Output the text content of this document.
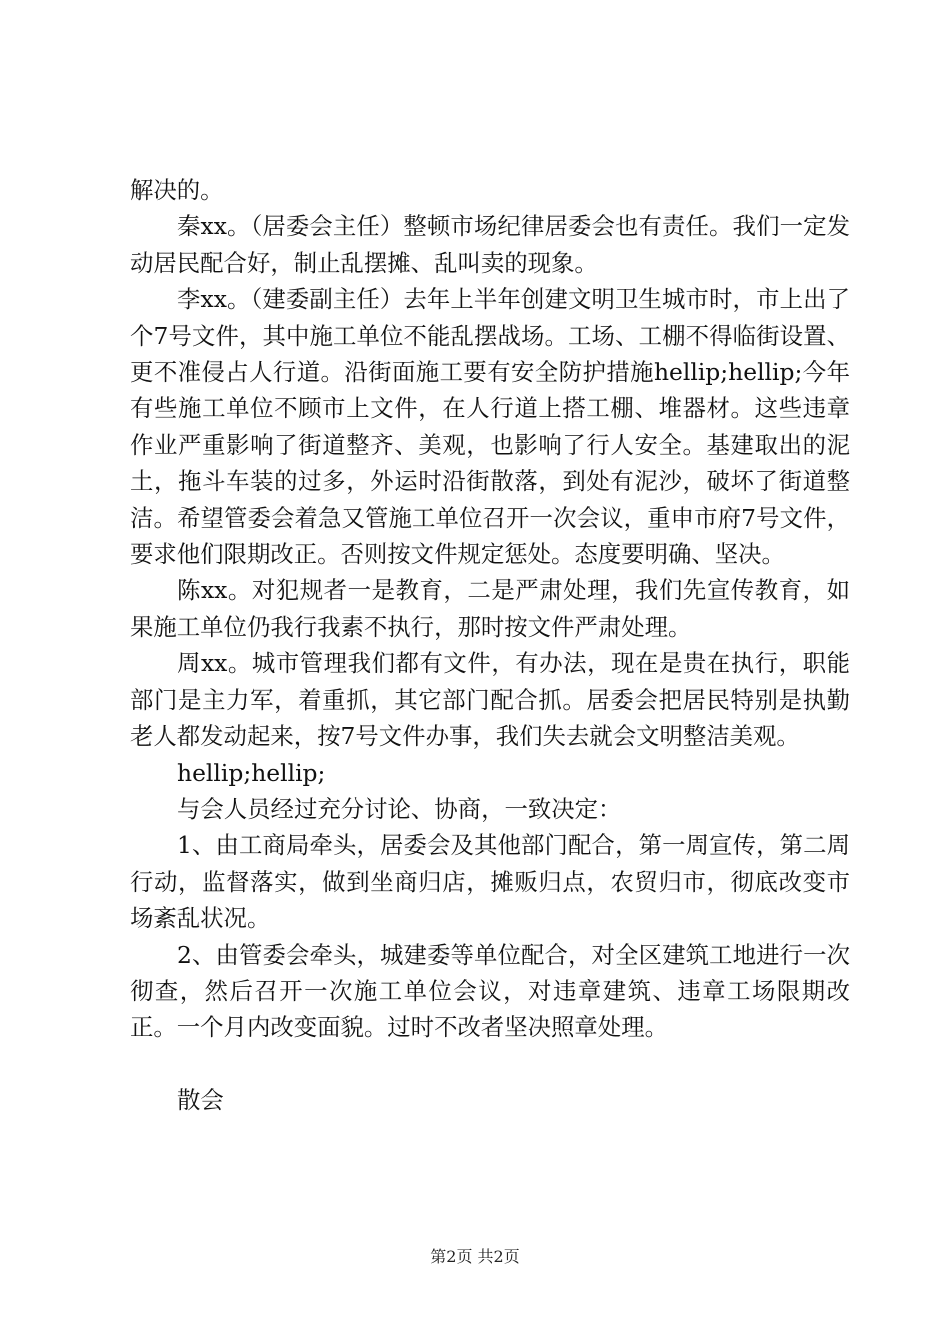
解决的。

秦xx。（居委会主任）整顿市场纪律居委会也有责任。我们一定发动居民配合好，制止乱摆摊、乱叫卖的现象。

李xx。（建委副主任）去年上半年创建文明卫生城市时，市上出了个7号文件，其中施工单位不能乱摆战场。工场、工棚不得临街设置、更不准侵占人行道。沿街面施工要有安全防护措施hellip;hellip;今年有些施工单位不顾市上文件，在人行道上搭工棚、堆器材。这些违章作业严重影响了街道整齐、美观，也影响了行人安全。基建取出的泥土，拖斗车装的过多，外运时沿街散落，到处有泥沙，破坏了街道整洁。希望管委会着急又管施工单位召开一次会议，重申市府7号文件，要求他们限期改正。否则按文件规定惩处。态度要明确、坚决。

陈xx。对犯规者一是教育，二是严肃处理，我们先宣传教育，如果施工单位仍我行我素不执行，那时按文件严肃处理。

周xx。城市管理我们都有文件，有办法，现在是贵在执行，职能部门是主力军，着重抓，其它部门配合抓。居委会把居民特别是执勤老人都发动起来，按7号文件办事，我们失去就会文明整洁美观。

hellip;hellip;

与会人员经过充分讨论、协商，一致决定：

1、由工商局牵头，居委会及其他部门配合，第一周宣传，第二周行动，监督落实，做到坐商归店，摊贩归点，农贸归市，彻底改变市场紊乱状况。

2、由管委会牵头，城建委等单位配合，对全区建筑工地进行一次彻查，然后召开一次施工单位会议，对违章建筑、违章工场限期改正。一个月内改变面貌。过时不改者坚决照章处理。

散会

第2页 共2页
